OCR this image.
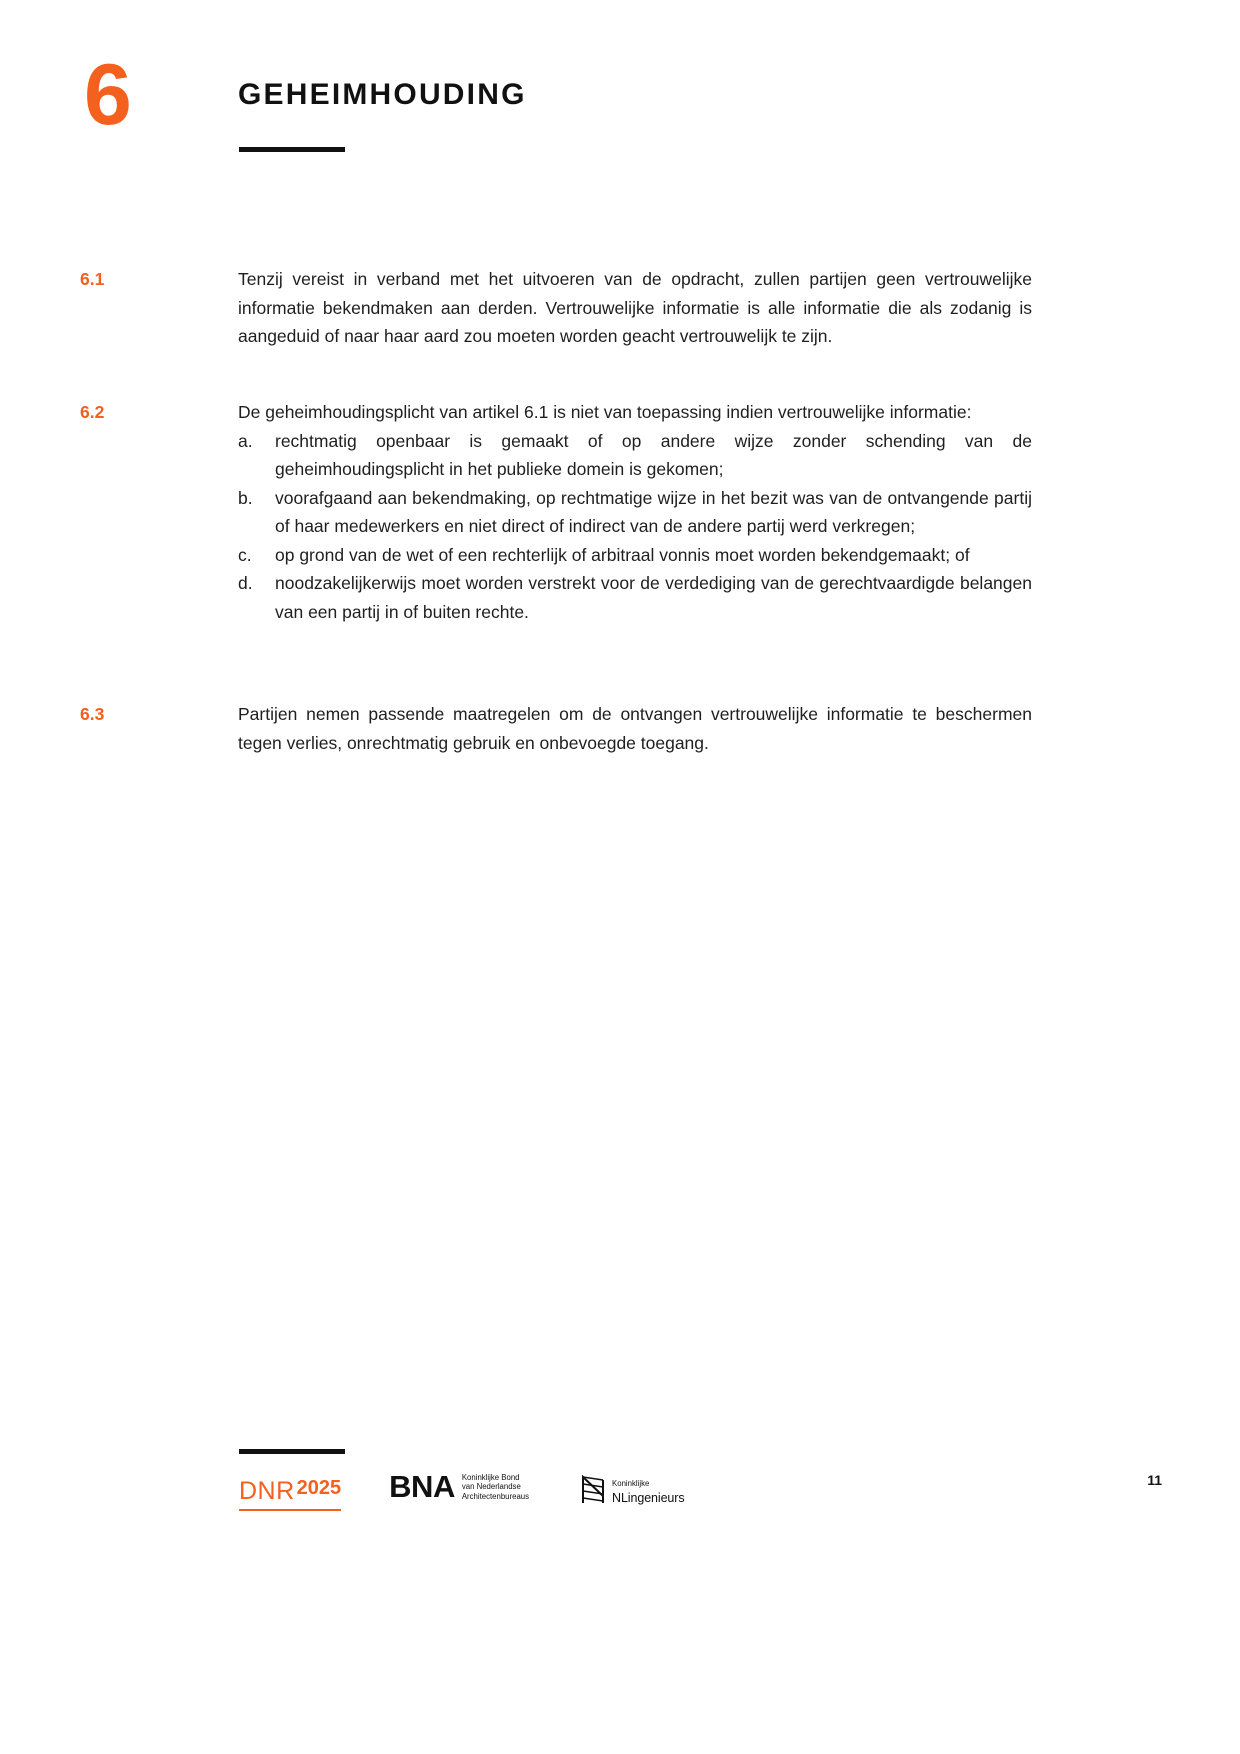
6	GEHEIMHOUDING
6.1	Tenzij vereist in verband met het uitvoeren van de opdracht, zullen partijen geen vertrouwelijke informatie bekendmaken aan derden. Vertrouwelijke informatie is alle informatie die als zodanig is aangeduid of naar haar aard zou moeten worden geacht vertrouwelijk te zijn.
6.2	De geheimhoudingsplicht van artikel 6.1 is niet van toepassing indien vertrouwelijke informatie:
a.	rechtmatig openbaar is gemaakt of op andere wijze zonder schending van de geheimhoudingsplicht in het publieke domein is gekomen;
b.	voorafgaand aan bekendmaking, op rechtmatige wijze in het bezit was van de ontvangende partij of haar medewerkers en niet direct of indirect van de andere partij werd verkregen;
c.	op grond van de wet of een rechterlijk of arbitraal vonnis moet worden bekendgemaakt; of
d.	noodzakelijkerwijs moet worden verstrekt voor de verdediging van de gerechtvaardigde belangen van een partij in of buiten rechte.
6.3	Partijen nemen passende maatregelen om de ontvangen vertrouwelijke informatie te beschermen tegen verlies, onrechtmatig gebruik en onbevoegde toegang.
DNR 2025 BNA Koninklijke Bond
van Nederlandse
Architectenbureaus
Koninklijke
NLingenieurs
11
